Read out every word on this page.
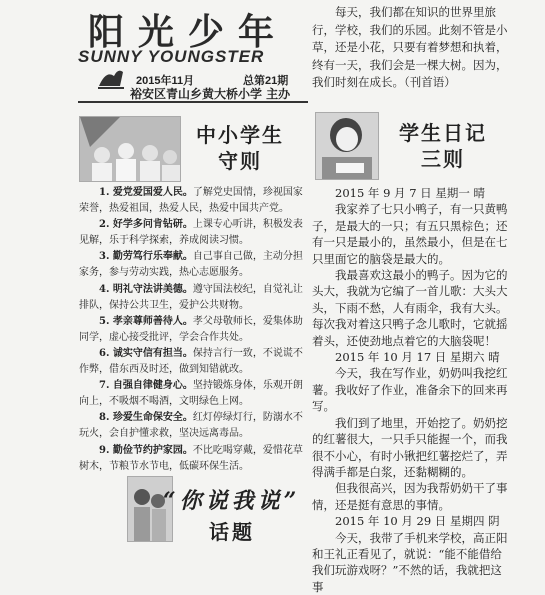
阳光少年
SUNNY YOUNGSTER
2015年11月	总第21期
裕安区青山乡黄大桥小学 主办

每天，我们都在知识的世界里旅行，学校，我们的乐园。此刻不管是小草，还是小花，只要有着梦想和执着，终有一天，我们会是一棵大树。因为，我们时刻在成长。（刊首语）

中小学生
守则
学生日记
三则

1. 爱党爱国爱人民。了解党史国情，珍视国家荣誉，热爱祖国，热爱人民，热爱中国共产党。

2. 好学多问肯钻研。上课专心听讲，积极发表见解，乐于科学探索，养成阅读习惯。

3. 勤劳笃行乐奉献。自己事自己做，主动分担家务，参与劳动实践，热心志愿服务。

4. 明礼守法讲美德。遵守国法校纪，自觉礼让排队，保持公共卫生，爱护公共财物。

5. 孝亲尊师善待人。孝父母敬师长，爱集体助同学，虚心接受批评，学会合作共处。

6. 诚实守信有担当。保持言行一致，不说谎不作弊，借东西及时还，做到知错就改。

7. 自强自律健身心。坚持锻炼身体，乐观开朗向上，不吸烟不喝酒，文明绿色上网。

8. 珍爱生命保安全。红灯停绿灯行，防溺水不玩火，会自护懂求救，坚决远离毒品。

9. 勤俭节约护家园。不比吃喝穿戴，爱惜花草树木，节粮节水节电，低碳环保生活。

“你说我说”
话题

2015 年 9 月 7 日 星期一 晴

我家养了七只小鸭子，有一只黄鸭子，是最大的一只；有五只黑棕色；还有一只是最小的，虽然最小，但是在七只里面它的脑袋是最大的。

我最喜欢这最小的鸭子。因为它的头大，我就为它编了一首儿歌：大头大头，下雨不愁，人有雨伞，我有大头。每次我对着这只鸭子念儿歌时，它就摇着头，还使劲地点着它的大脑袋呢！

2015 年 10 月 17 日 星期六 晴

今天，我在写作业，奶奶叫我挖红薯。我收好了作业，准备余下的回来再写。

我们到了地里，开始挖了。奶奶挖的红薯很大，一只手只能握一个，而我很不小心，有时小锹把红薯挖烂了，弄得满手都是白浆，还黏糊糊的。

但我很高兴，因为我帮奶奶干了事情，还是挺有意思的事情。

2015 年 10 月 29 日 星期四 阴

今天，我带了手机来学校，高正阳和王礼正看见了，就说：“能不能借给我们玩游戏呀？”不然的话，我就把这事
